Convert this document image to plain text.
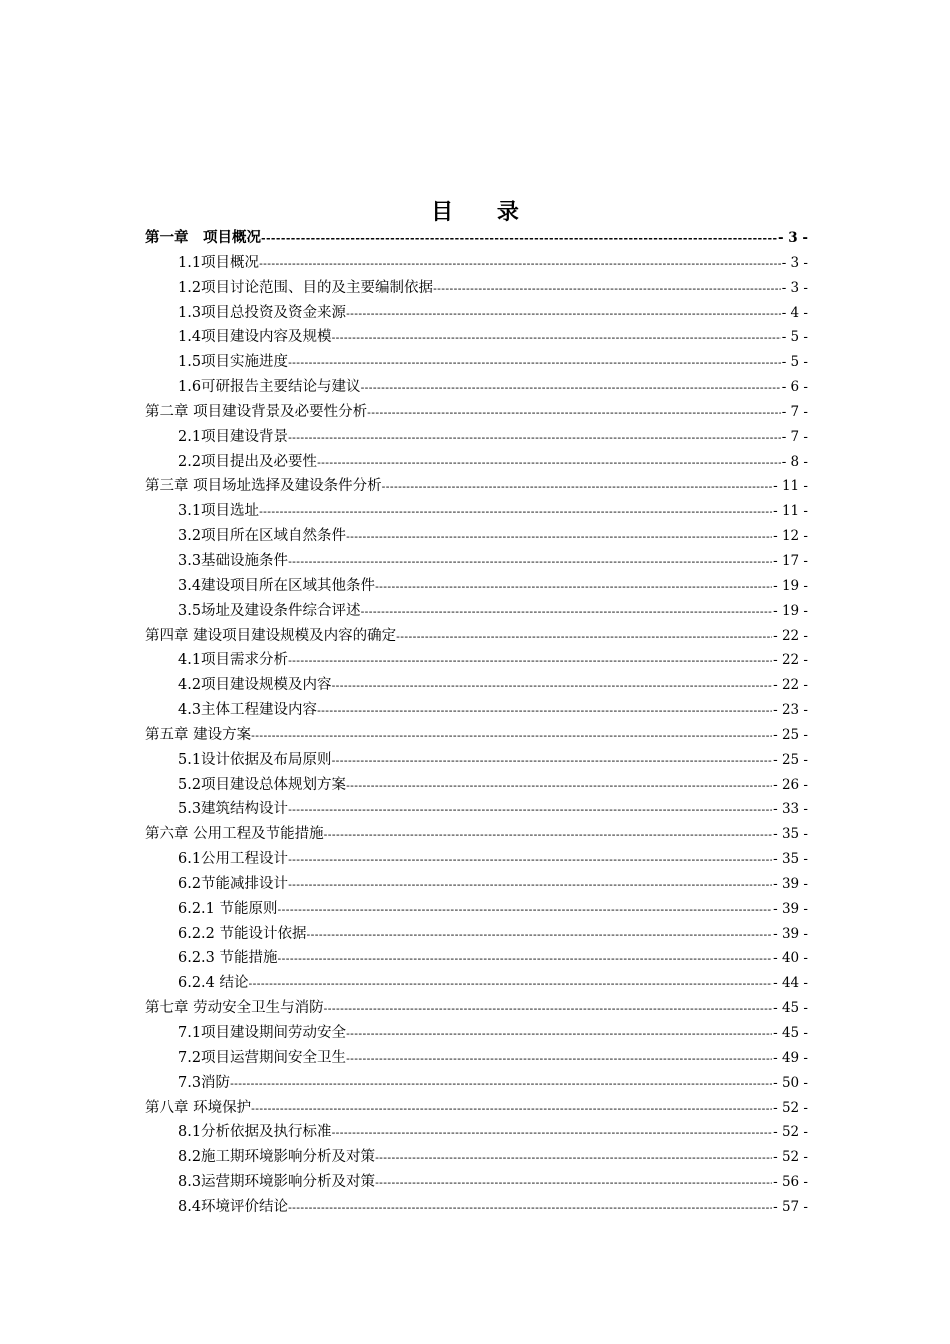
目 录
第一章　项目概况 -----	- 3 -
1.1项目概况 -----	- 3 -
1.2项目讨论范围、目的及主要编制依据 -----	- 3 -
1.3项目总投资及资金来源 -----	- 4 -
1.4项目建设内容及规模 -----	- 5 -
1.5项目实施进度 -----	- 5 -
1.6可研报告主要结论与建议 -----	- 6 -
第二章 项目建设背景及必要性分析 -----	- 7 -
2.1项目建设背景 -----	- 7 -
2.2项目提出及必要性 -----	- 8 -
第三章 项目场址选择及建设条件分析 -----	- 11 -
3.1项目选址 -----	- 11 -
3.2项目所在区域自然条件 -----	- 12 -
3.3基础设施条件 -----	- 17 -
3.4建设项目所在区域其他条件 -----	- 19 -
3.5场址及建设条件综合评述 -----	- 19 -
第四章 建设项目建设规模及内容的确定 -----	- 22 -
4.1项目需求分析 -----	- 22 -
4.2项目建设规模及内容 -----	- 22 -
4.3主体工程建设内容 -----	- 23 -
第五章 建设方案 -----	- 25 -
5.1设计依据及布局原则 -----	- 25 -
5.2项目建设总体规划方案 -----	- 26 -
5.3建筑结构设计 -----	- 33 -
第六章 公用工程及节能措施 -----	- 35 -
6.1公用工程设计 -----	- 35 -
6.2节能减排设计 -----	- 39 -
6.2.1 节能原则 -----	- 39 -
6.2.2 节能设计依据 -----	- 39 -
6.2.3 节能措施 -----	- 40 -
6.2.4 结论 -----	- 44 -
第七章 劳动安全卫生与消防 -----	- 45 -
7.1项目建设期间劳动安全 -----	- 45 -
7.2项目运营期间安全卫生 -----	- 49 -
7.3消防 -----	- 50 -
第八章 环境保护 -----	- 52 -
8.1分析依据及执行标准 -----	- 52 -
8.2施工期环境影响分析及对策 -----	- 52 -
8.3运营期环境影响分析及对策 -----	- 56 -
8.4环境评价结论 -----	- 57 -
